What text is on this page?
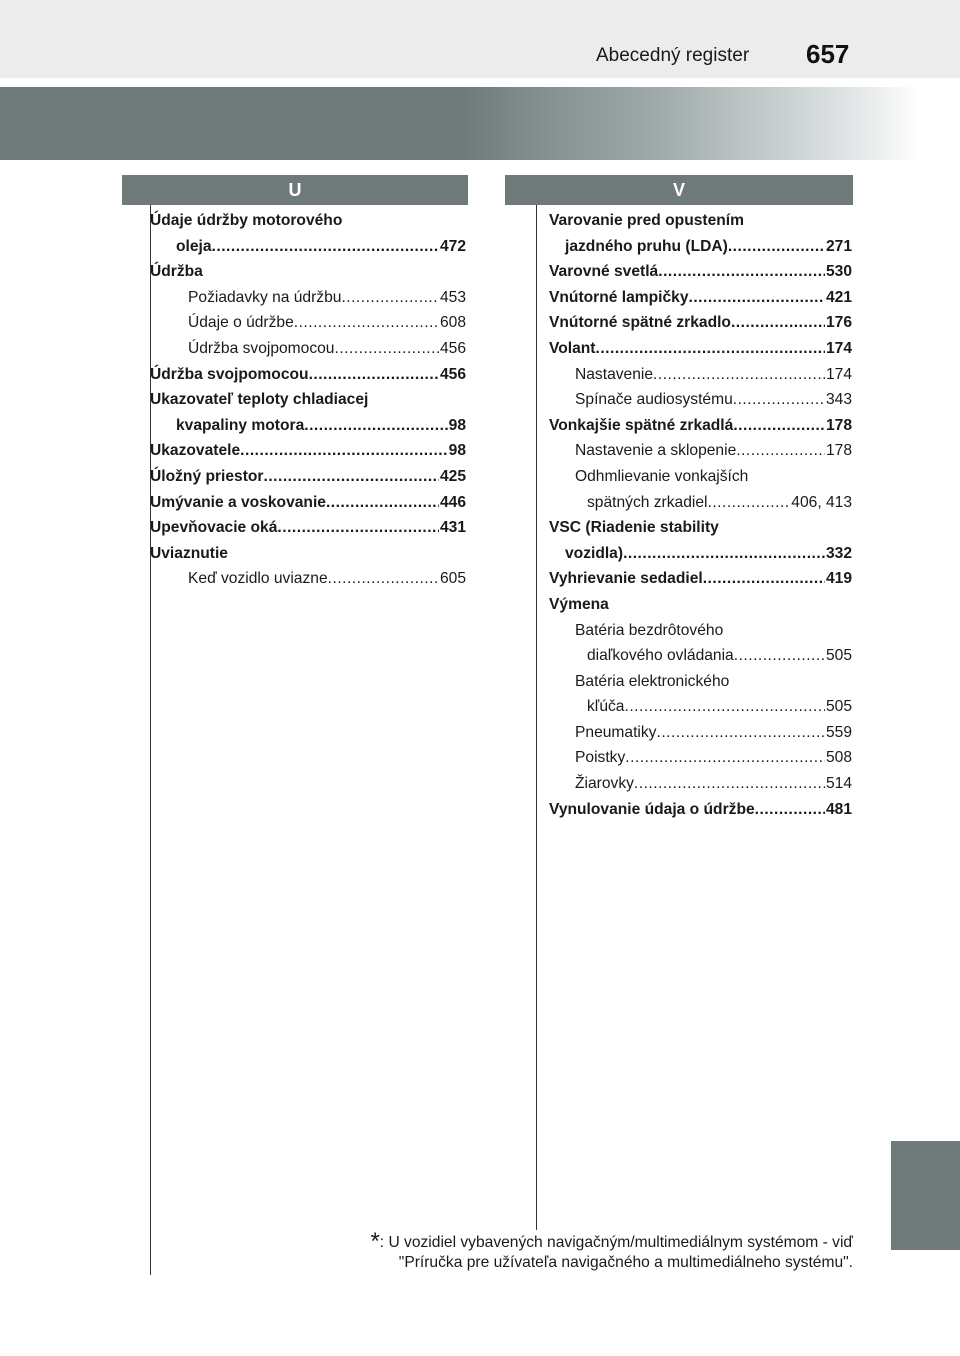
Abecedný register 657
U	V
Údaje údržby motorového
oleja .....	472
Údržba
Požiadavky na údržbu .....	453
Údaje o údržbe .....	608
Údržba svojpomocou .....	456
Údržba svojpomocou .....	456
Ukazovateľ teploty chladiacej
kvapaliny motora .....	98
Ukazovatele .....	98
Úložný priestor .....	425
Umývanie a voskovanie .....	446
Upevňovacie oká .....	431
Uviaznutie
Keď vozidlo uviazne .....	605
Varovanie pred opustením
jazdného pruhu (LDA) .....	271
Varovné svetlá .....	530
Vnútorné lampičky .....	421
Vnútorné spätné zrkadlo .....	176
Volant .....	174
Nastavenie .....	174
Spínače audiosystému .....	343
Vonkajšie spätné zrkadlá .....	178
Nastavenie a sklopenie .....	178
Odhmlievanie vonkajších
spätných zrkadiel .....	406, 413
VSC (Riadenie stability
vozidla) .....	332
Vyhrievanie sedadiel .....	419
Výmena
Batéria bezdrôtového
diaľkového ovládania .....	505
Batéria elektronického
kľúča .....	505
Pneumatiky .....	559
Poistky .....	508
Žiarovky .....	514
Vynulovanie údaja o údržbe .....	481
*: U vozidiel vybavených navigačným/multimediálnym systémom - viď
"Príručka pre užívateľa navigačného a multimediálneho systému".
